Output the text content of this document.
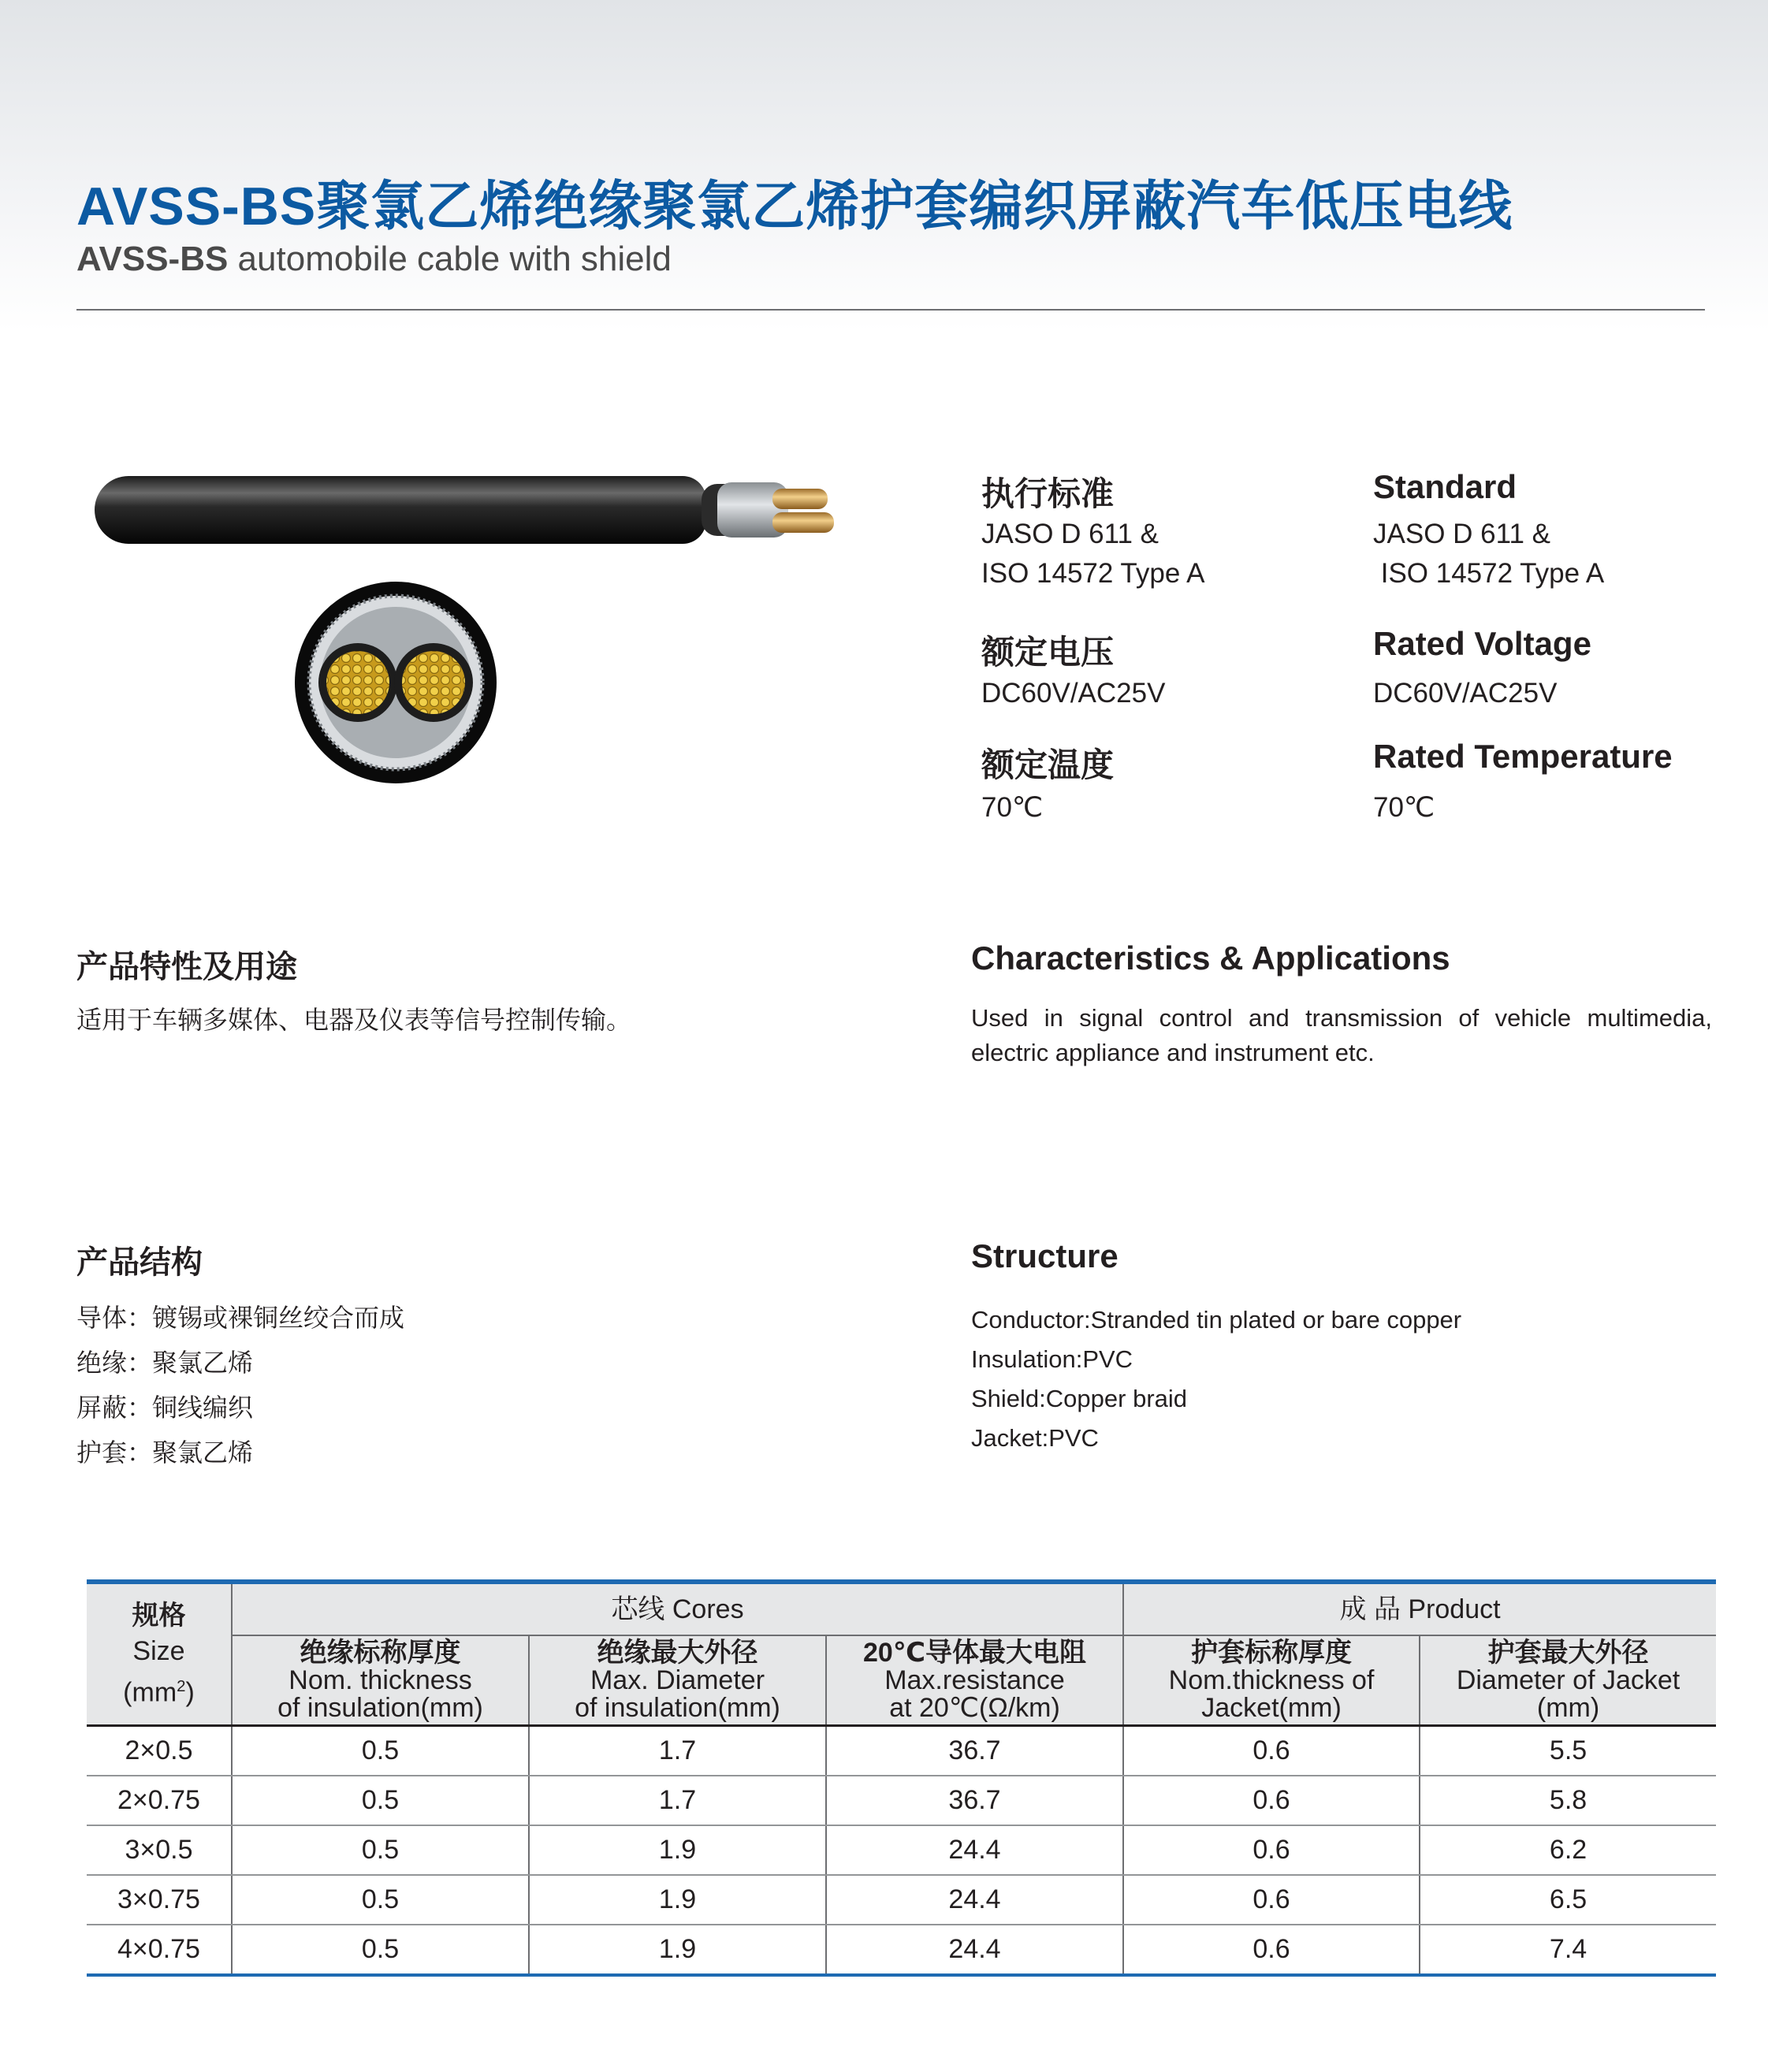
AVSS-BS聚氯乙烯绝缘聚氯乙烯护套编织屏蔽汽车低压电线
AVSS-BS automobile cable with shield
执行标准
JASO D 611 &
ISO 14572 Type A
Standard
JASO D 611 &
ISO 14572 Type A
额定电压
DC60V/AC25V
Rated Voltage
DC60V/AC25V
额定温度
70℃
Rated Temperature
70℃
产品特性及用途
适用于车辆多媒体、电器及仪表等信号控制传输。
Characteristics & Applications
Used in signal control and transmission of vehicle multimedia, electric appliance and instrument etc.
产品结构
导体：镀锡或裸铜丝绞合而成
绝缘：聚氯乙烯
屏蔽：铜线编织
护套：聚氯乙烯
Structure
Conductor:Stranded tin plated or bare copper
Insulation:PVC
Shield:Copper braid
Jacket:PVC
规格
Size
$(mm^2)$	芯线 Cores			成 品 Product	

	绝缘标称厚度
Nom. thickness
of insulation(mm)	绝缘最大外径
Max. Diameter
of insulation(mm)	20℃导体最大电阻
Max.resistance
at 20℃(Ω/km)	护套标称厚度
Nom.thickness of
Jacket(mm)	护套最大外径
Diameter of Jacket
(mm)

2×0.5	0.5	1.7	36.7	0.6	5.5
2×0.75	0.5	1.7	36.7	0.6	5.8
3×0.5	0.5	1.9	24.4	0.6	6.2
3×0.75	0.5	1.9	24.4	0.6	6.5
4×0.75	0.5	1.9	24.4	0.6	7.4
